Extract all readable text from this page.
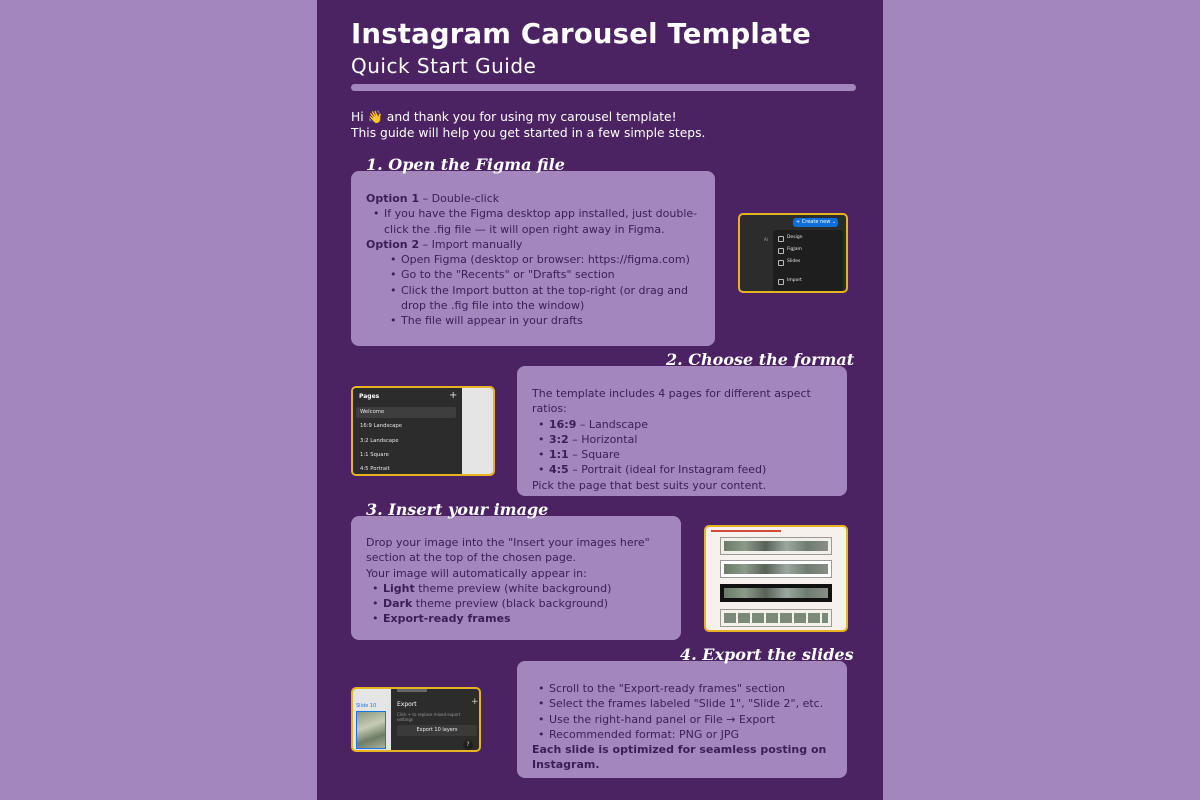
Instagram Carousel Template
Quick Start Guide

Hi 👋 and thank you for using my carousel template!

This guide will help you get started in a few simple steps.

1. Open the Figma file

Option 1 – Double-click

• If you have the Figma desktop app installed, just double-click the .fig file — it will open right away in Figma.

Option 2 – Import manually

• Open Figma (desktop or browser: https://figma.com)
• Go to the "Recents" or "Drafts" section
• Click the Import button at the top-right (or drag and drop the .fig file into the window)
• The file will appear in your drafts
Al
+ Create new ⌄
Design
FigJam
Slides
Import
2. Choose the format

The template includes 4 pages for different aspect ratios:

• 16:9 – Landscape
• 3:2 – Horizontal
• 1:1 – Square
• 4:5 – Portrait (ideal for Instagram feed)

Pick the page that best suits your content.

Pages	+
Welcome
16:9 Landscape
3:2 Landscape
1:1 Square
4:5 Portrait
3. Insert your image

Drop your image into the "Insert your images here" section at the top of the chosen page.

Your image will automatically appear in:

• Light theme preview (white background)
• Dark theme preview (black background)
• Export-ready frames
4. Export the slides
• Scroll to the "Export-ready frames" section
• Select the frames labeled "Slide 1", "Slide 2", etc.
• Use the right-hand panel or File → Export
• Recommended format: PNG or JPG

Each slide is optimized for seamless posting on Instagram.

Slide 10	Export	+
Click + to replace mixed export settings
Export 10 layers
?
